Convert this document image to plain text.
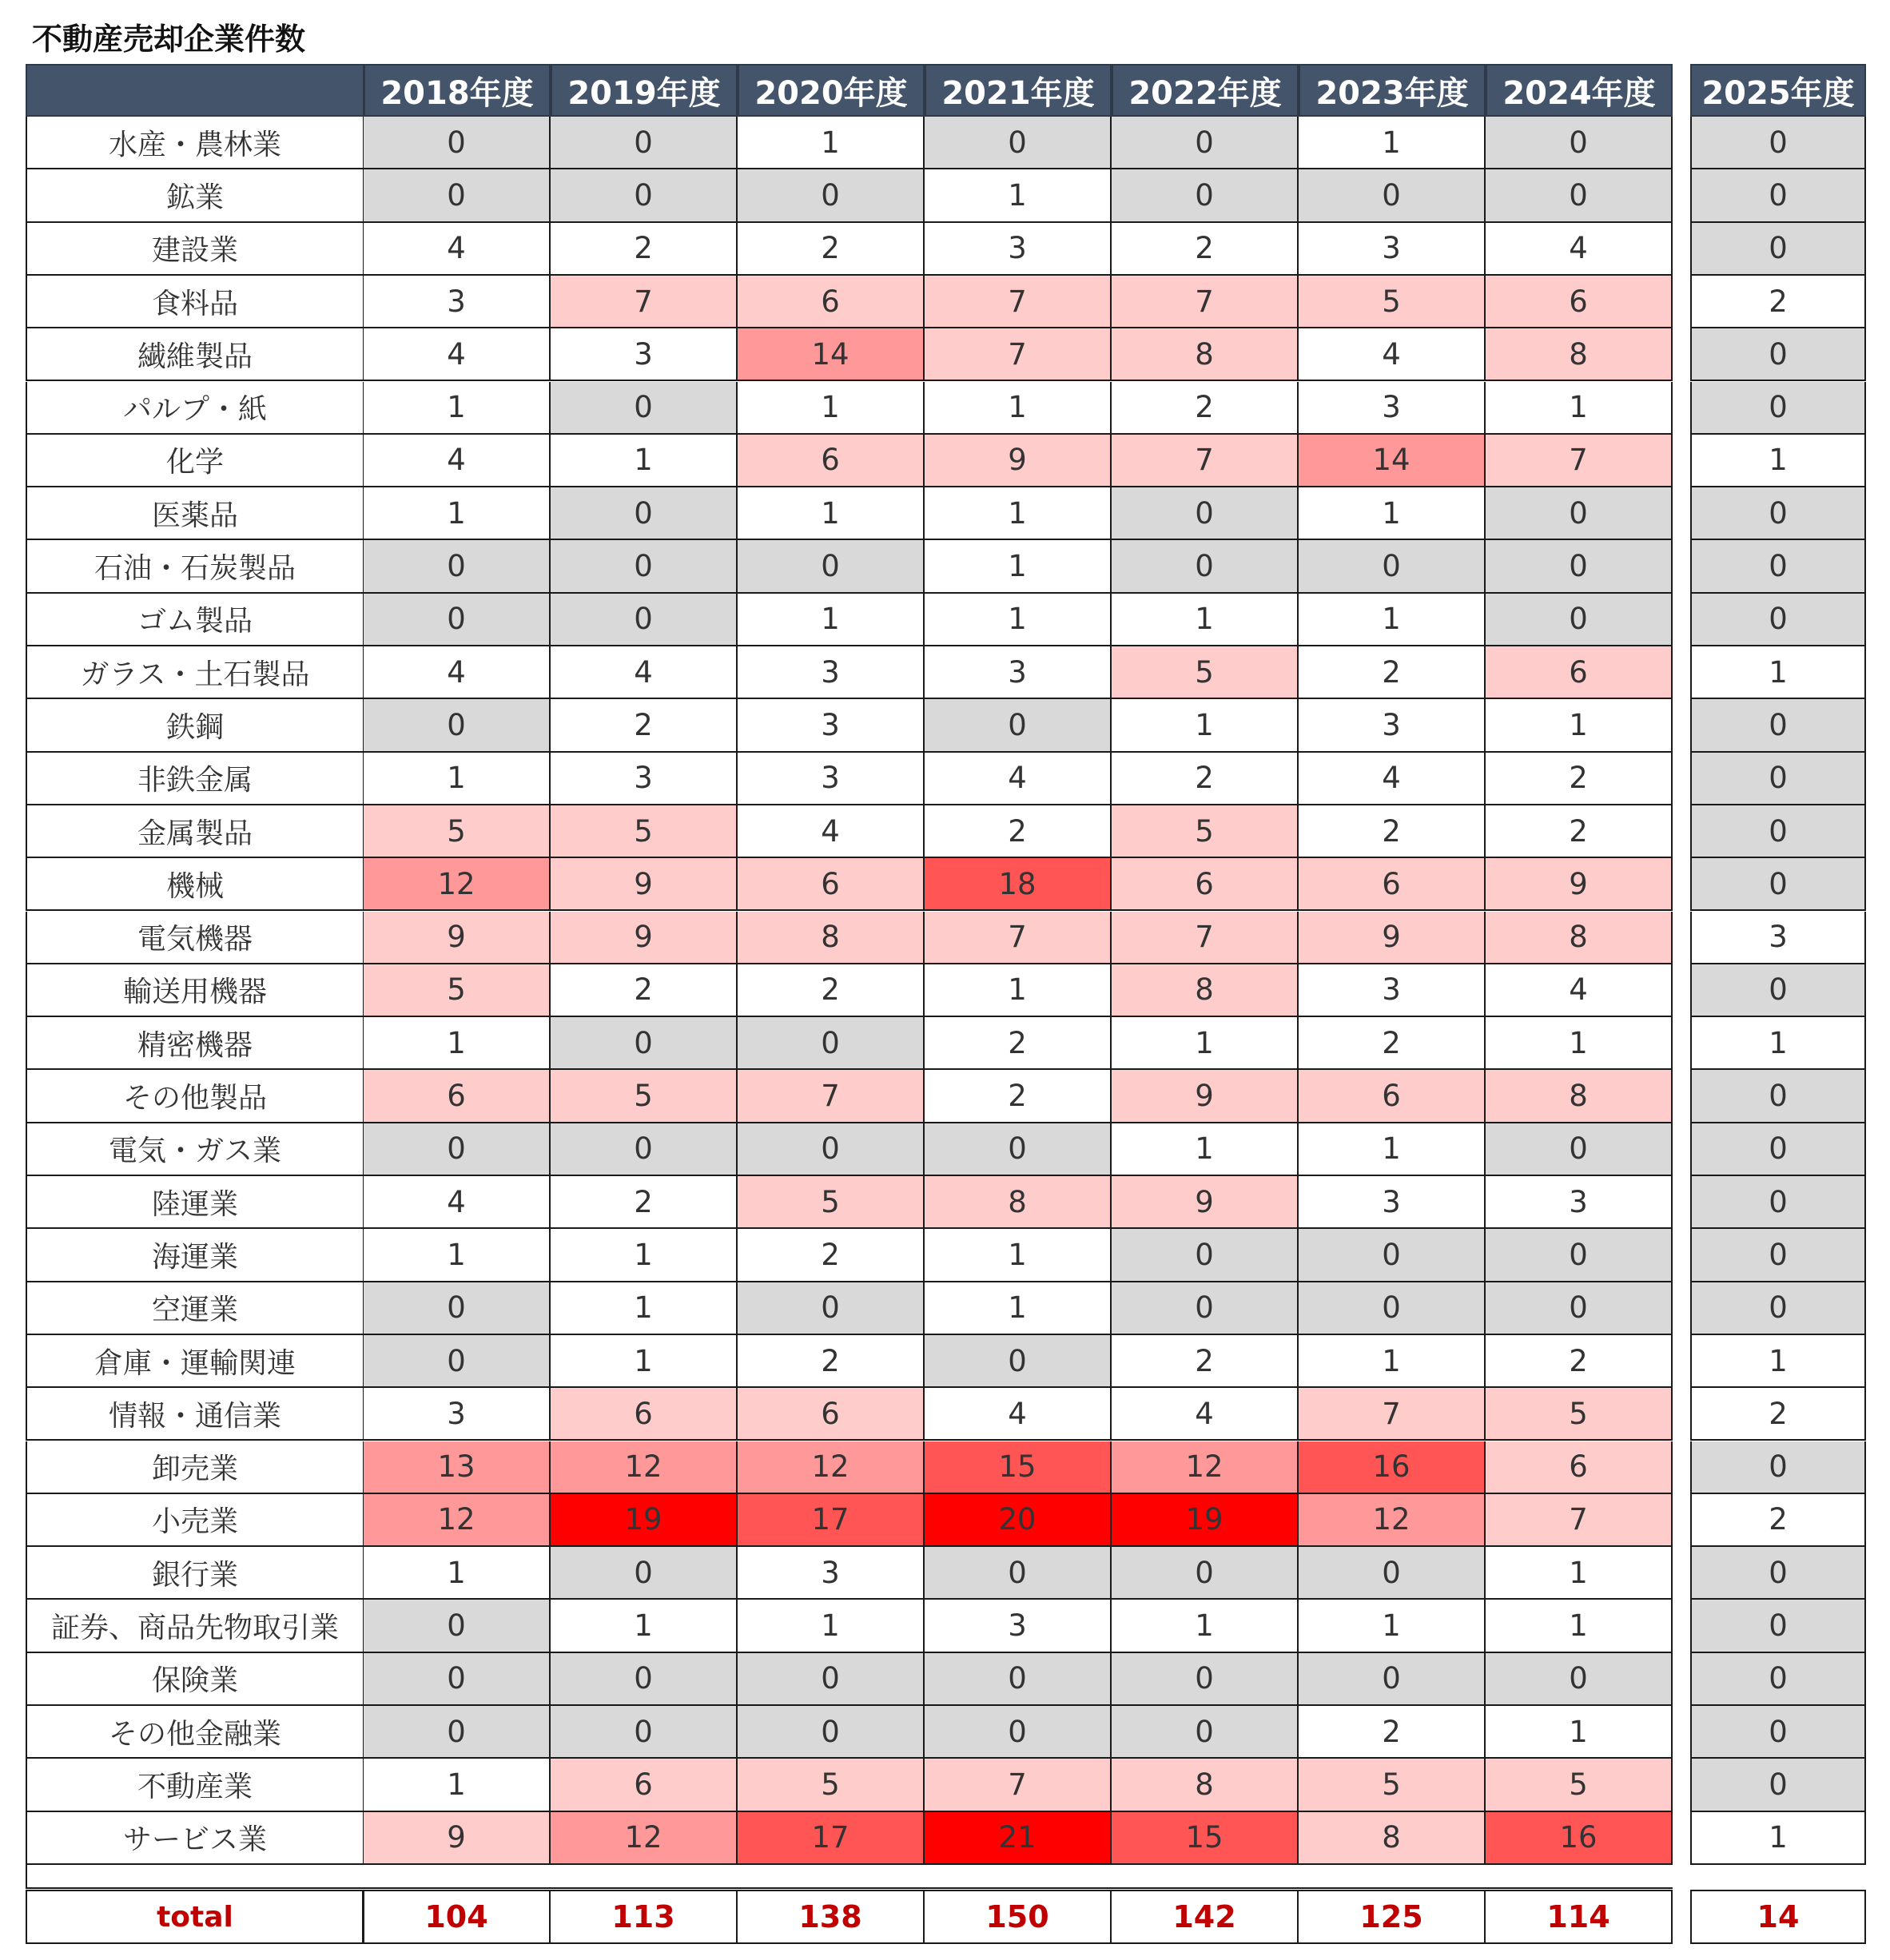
不動産売却企業件数
2018年度	2019年度	2020年度	2021年度	2022年度	2023年度	2024年度	2025年度
水産・農林業	0	0	1	0	0	1	0	0
鉱業	0	0	0	1	0	0	0	0
建設業	4	2	2	3	2	3	4	0
食料品	3	7	6	7	7	5	6	2
繊維製品	4	3	14	7	8	4	8	0
パルプ・紙	1	0	1	1	2	3	1	0
化学	4	1	6	9	7	14	7	1
医薬品	1	0	1	1	0	1	0	0
石油・石炭製品	0	0	0	1	0	0	0	0
ゴム製品	0	0	1	1	1	1	0	0
ガラス・土石製品	4	4	3	3	5	2	6	1
鉄鋼	0	2	3	0	1	3	1	0
非鉄金属	1	3	3	4	2	4	2	0
金属製品	5	5	4	2	5	2	2	0
機械	12	9	6	18	6	6	9	0
電気機器	9	9	8	7	7	9	8	3
輸送用機器	5	2	2	1	8	3	4	0
精密機器	1	0	0	2	1	2	1	1
その他製品	6	5	7	2	9	6	8	0
電気・ガス業	0	0	0	0	1	1	0	0
陸運業	4	2	5	8	9	3	3	0
海運業	1	1	2	1	0	0	0	0
空運業	0	1	0	1	0	0	0	0
倉庫・運輸関連	0	1	2	0	2	1	2	1
情報・通信業	3	6	6	4	4	7	5	2
卸売業	13	12	12	15	12	16	6	0
小売業	12	19	17	20	19	12	7	2
銀行業	1	0	3	0	0	0	1	0
証券、商品先物取引業	0	1	1	3	1	1	1	0
保険業	0	0	0	0	0	0	0	0
その他金融業	0	0	0	0	0	2	1	0
不動産業	1	6	5	7	8	5	5	0
サービス業	9	12	17	21	15	8	16	1
total	104	113	138	150	142	125	114	14
